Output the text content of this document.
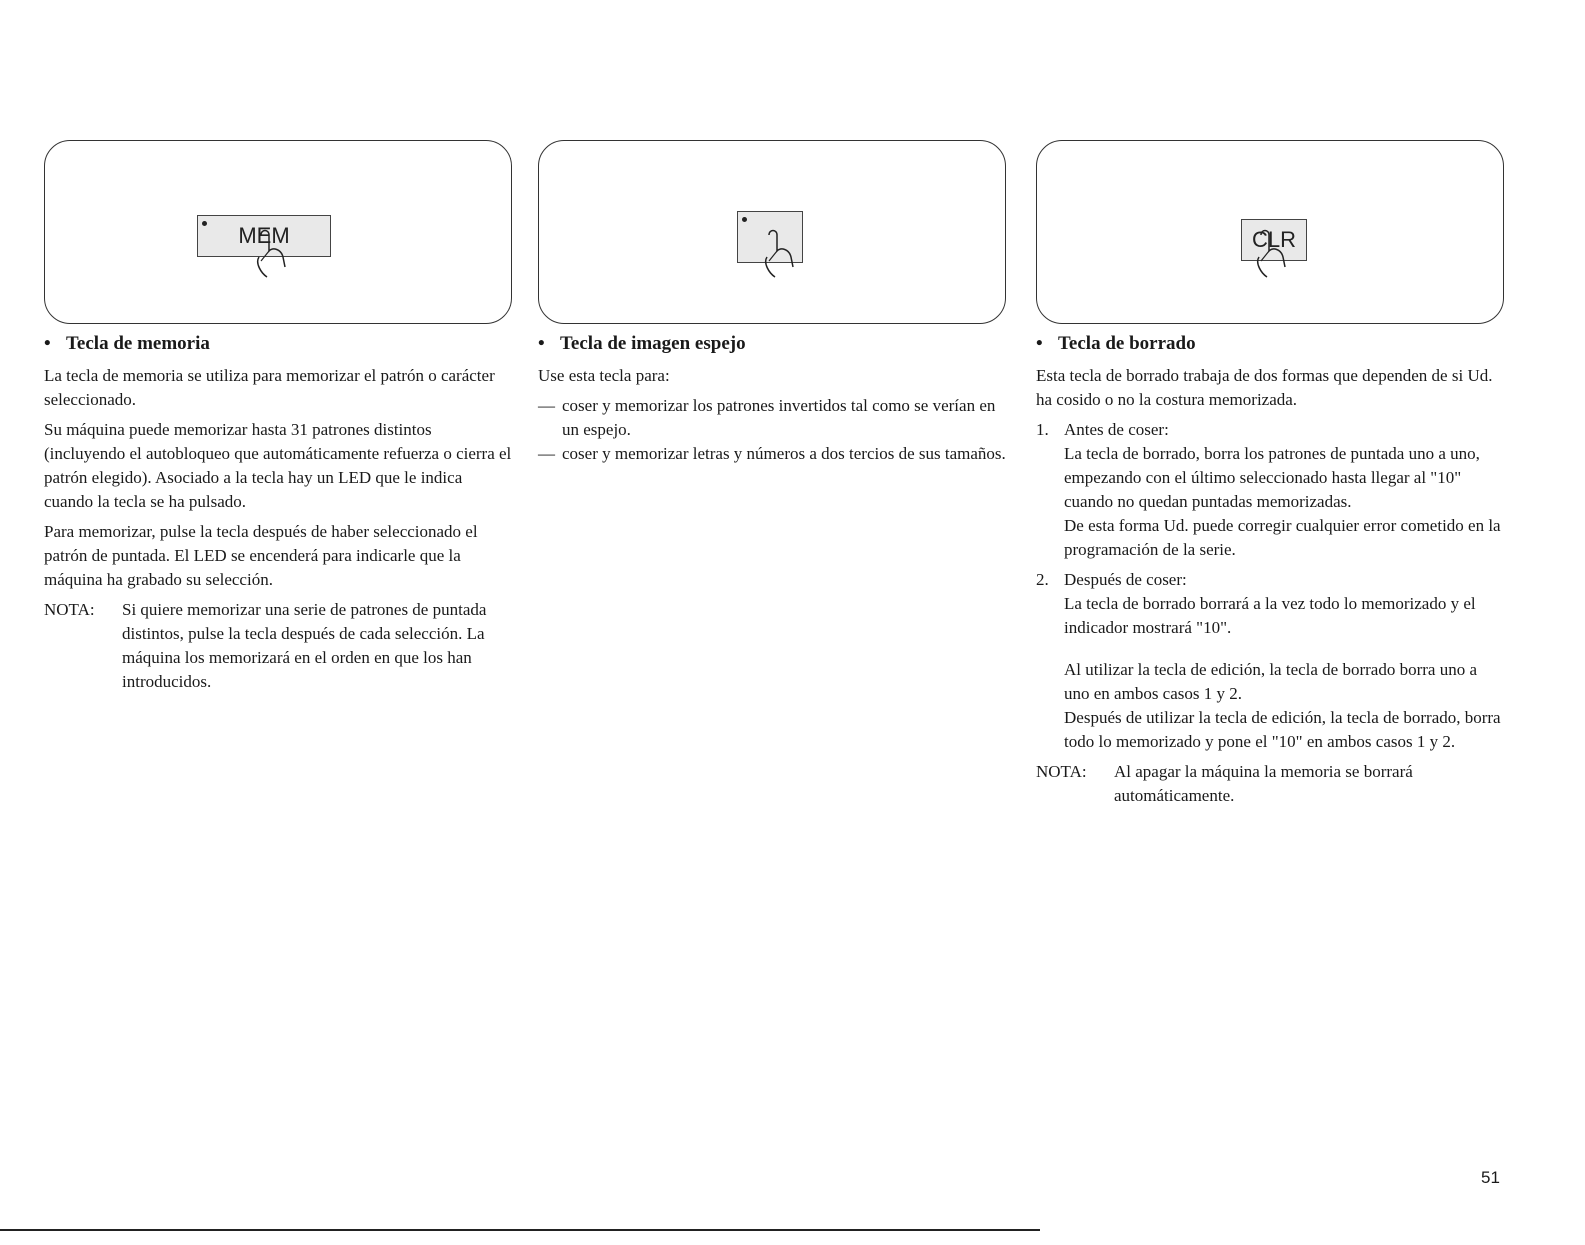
MEM
• Tecla de memoria

La tecla de memoria se utiliza para memorizar el patrón o carácter seleccionado.

Su máquina puede memorizar hasta 31 patrones distintos (incluyendo el autobloqueo que automáticamente refuerza o cierra el patrón elegido). Asociado a la tecla hay un LED que le indica cuando la tecla se ha pulsado.

Para memorizar, pulse la tecla después de haber seleccionado el patrón de puntada. El LED se encenderá para indicarle que la máquina ha grabado su selección.

NOTA:	Si quiere memorizar una serie de patrones de puntada distintos, pulse la tecla después de cada selección. La máquina los memorizará en el orden en que los han introducidos.
• Tecla de imagen espejo

Use esta tecla para:

— coser y memorizar los patrones invertidos tal como se verían en un espejo.
— coser y memorizar letras y números a dos tercios de sus tamaños.
CLR
• Tecla de borrado

Esta tecla de borrado trabaja de dos formas que dependen de si Ud. ha cosido o no la costura memorizada.

1. Antes de coser:
La tecla de borrado, borra los patrones de puntada uno a uno, empezando con el último seleccionado hasta llegar al "10" cuando no quedan puntadas memorizadas.
De esta forma Ud. puede corregir cualquier error cometido en la programación de la serie.
2. Después de coser:
La tecla de borrado borrará a la vez todo lo memorizado y el indicador mostrará "10".
Al utilizar la tecla de edición, la tecla de borrado borra uno a uno en ambos casos 1 y 2.
Después de utilizar la tecla de edición, la tecla de borrado, borra todo lo memorizado y pone el "10" en ambos casos 1 y 2.
NOTA:	Al apagar la máquina la memoria se borrará automáticamente.
51
